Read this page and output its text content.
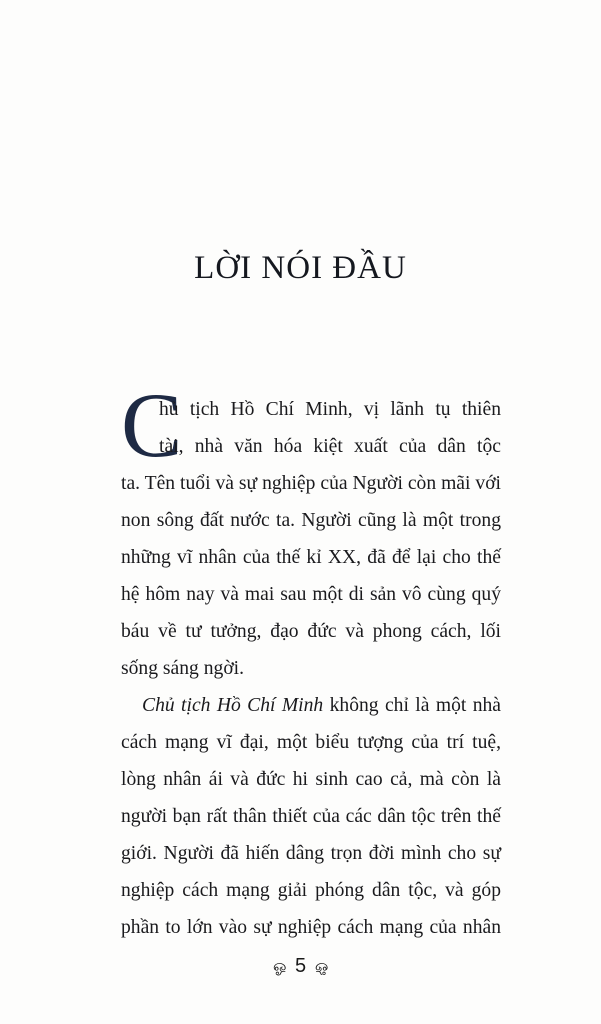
LỜI NÓI ĐẦU
C
hủ tịch Hồ Chí Minh, vị lãnh tụ thiên
tài, nhà văn hóa kiệt xuất của dân tộc
ta. Tên tuổi và sự nghiệp của Người còn mãi với
non sông đất nước ta. Người cũng là một trong
những vĩ nhân của thế kỉ XX, đã để lại cho thế
hệ hôm nay và mai sau một di sản vô cùng quý
báu về tư tưởng, đạo đức và phong cách, lối
sống sáng ngời.
Chủ tịch Hồ Chí Minh không chỉ là một nhà
cách mạng vĩ đại, một biểu tượng của trí tuệ,
lòng nhân ái và đức hi sinh cao cả, mà còn là
người bạn rất thân thiết của các dân tộc trên thế
giới. Người đã hiến dâng trọn đời mình cho sự
nghiệp cách mạng giải phóng dân tộc, và góp
phần to lớn vào sự nghiệp cách mạng của nhân
ஓ 5 ஓ
